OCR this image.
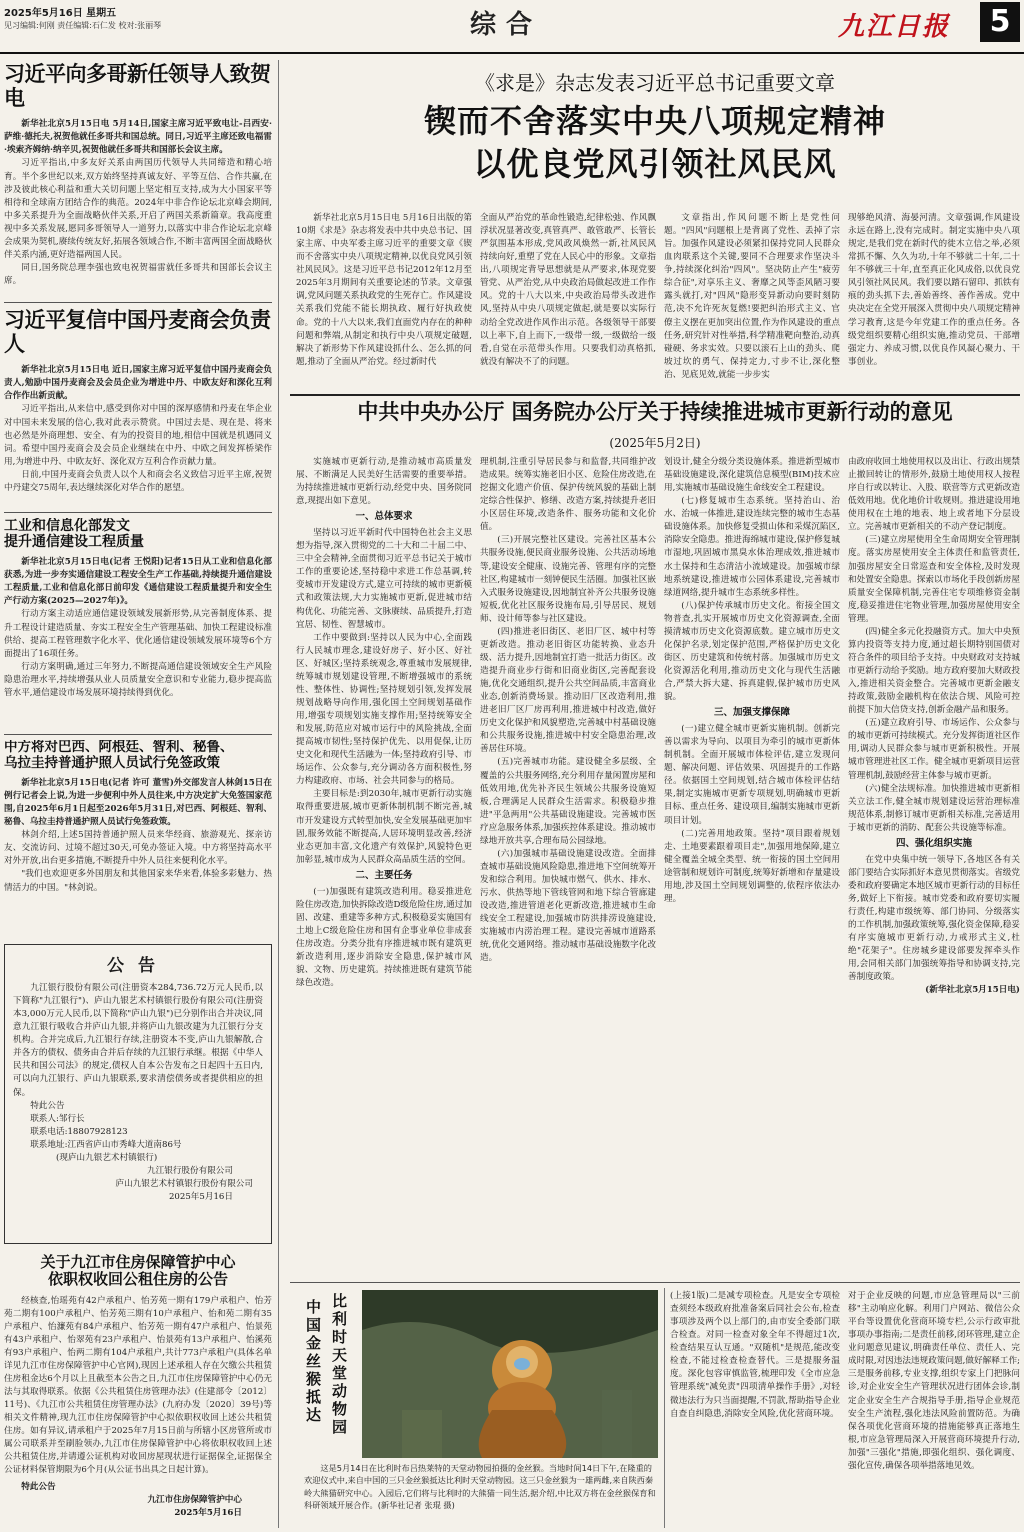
2025年5月16日 星期五
见习编辑:何刚 责任编辑:石仁发 校对:张丽琴	综合	九江日报	5
习近平向多哥新任领导人致贺电
新华社北京5月15日电 5月14日,国家主席习近平致电让-吕西安·萨维·德托夫,祝贺他就任多哥共和国总统。同日,习近平主席还致电福雷·埃索齐姆纳·纳辛贝,祝贺他就任多哥共和国部长会议主席。
习近平指出,中多友好关系由两国历代领导人共同缔造和精心培育。半个多世纪以来,双方始终坚持真诚友好、平等互信、合作共赢,在涉及彼此核心利益和重大关切问题上坚定相互支持,成为大小国家平等相待和全球南方团结合作的典范。2024年中非合作论坛北京峰会期间,中多关系提升为全面战略伙伴关系,开启了两国关系新篇章。我高度重视中多关系发展,愿同多哥领导人一道努力,以落实中非合作论坛北京峰会成果为契机,赓续传统友好,拓展各领域合作,不断丰富两国全面战略伙伴关系内涵,更好造福两国人民。
同日,国务院总理李强也致电祝贺福雷就任多哥共和国部长会议主席。
习近平复信中国丹麦商会负责人
新华社北京5月15日电 近日,国家主席习近平复信中国丹麦商会负责人,勉励中国丹麦商会及会员企业为增进中丹、中欧友好和深化互利合作作出新贡献。
习近平指出,从来信中,感受到你对中国的深厚感情和丹麦在华企业对中国未来发展的信心,我对此表示赞赏。中国过去是、现在是、将来也必然是外商理想、安全、有为的投资目的地,相信中国就是机遇同义词。希望中国丹麦商会及会员企业继续在中丹、中欧之间发挥桥梁作用,为增进中丹、中欧友好、深化双方互利合作贡献力量。
日前,中国丹麦商会负责人以个人和商会名义致信习近平主席,祝贺中丹建交75周年,表达继续深化对华合作的愿望。
工业和信息化部发文
提升通信建设工程质量
新华社北京5月15日电(记者 王悦阳)记者15日从工业和信息化部获悉,为进一步夯实通信建设工程安全生产工作基础,持续提升通信建设工程质量,工业和信息化部日前印发《通信建设工程质量提升和安全生产行动方案(2025—2027年)》。
行动方案主动适应通信建设领域发展新形势,从完善制度体系、提升工程设计建造质量、夯实工程安全生产管理基础、加快工程建设标准供给、提高工程管理数字化水平、优化通信建设领域发展环境等6个方面提出了16项任务。
行动方案明确,通过三年努力,不断提高通信建设领域安全生产风险隐患治理水平,持续增强从业人员质量安全意识和专业能力,稳步提高监管水平,通信建设市场发展环境持续得到优化。
中方将对巴西、阿根廷、智利、秘鲁、
乌拉圭持普通护照人员试行免签政策
新华社北京5月15日电(记者 许可 董雪)外交部发言人林剑15日在例行记者会上说,为进一步便利中外人员往来,中方决定扩大免签国家范围,自2025年6月1日起至2026年5月31日,对巴西、阿根廷、智利、秘鲁、乌拉圭持普通护照人员试行免签政策。
林剑介绍,上述5国持普通护照人员来华经商、旅游观光、探亲访友、交流访问、过境不超过30天,可免办签证入境。中方将坚持高水平对外开放,出台更多措施,不断提升中外人员往来便利化水平。
"我们也欢迎更多外国朋友和其他国家来华来看,体验多彩魅力、热情活力的中国。"林剑说。
公告
九江银行股份有限公司(注册资本284,736.72万元人民币,以下简称"九江银行")、庐山九银艺术村镇银行股份有限公司(注册资本3,000万元人民币,以下简称"庐山九银")已分别作出合并决议,同意九江银行吸收合并庐山九银,并将庐山九银改建为九江银行分支机构。合并完成后,九江银行存续,注册资本不变,庐山九银解散,合并各方的债权、债务由合并后存续的九江银行承继。根据《中华人民共和国公司法》的规定,债权人自本公告发布之日起四十五日内,可以向九江银行、庐山九银联系,要求清偿债务或者提供相应的担保。
特此公告
联系人:邹行长
联系电话:18807928123
联系地址:江西省庐山市秀峰大道南86号
(现庐山九银艺术村镇银行)
九江银行股份有限公司
庐山九银艺术村镇银行股份有限公司
2025年5月16日
关于九江市住房保障管护中心
依职权收回公租住房的公告
经核查,怡瑶苑有42户承租户、怡芳苑一期有179户承租户、怡芳苑二期有100户承租户、怡芳苑三期有10户承租户、怡和苑二期有35户承租户、怡濂苑有84户承租户、怡芳苑一期有47户承租户、怡景苑有43户承租户、怡翠苑有23户承租户、怡景苑有13户承租户、怡溪苑有93户承租户、怡两二期有104户承租户,共计773户承租户(具体名单详见九江市住房保障管护中心官网),现因上述承租人存在欠缴公共租赁住房租金达6个月以上且截至本公告之日,九江市住房保障管护中心仍无法与其取得联系。依据《公共租赁住房管理办法》(住建部令〔2012〕11号)、《九江市公共租赁住房管理办法》(九府办发〔2020〕39号)等相关文件精神,现九江市住房保障管护中心拟依职权收回上述公共租赁住房。如有异议,请承租户于2025年7月15日前与所辖小区房管所或市属公司联系并至刷脸领办,九江市住房保障管护中心将依职权收回上述公共租赁住房,并请遵公证机构对收回房屋现状进行证据保全,证据保全公证材料保管期限为6个月(从公证书出具之日起计算)。
特此公告
九江市住房保障管护中心
2025年5月16日
《求是》杂志发表习近平总书记重要文章
锲而不舍落实中央八项规定精神
以优良党风引领社风民风
新华社北京5月15日电 5月16日出版的第10期《求是》杂志将发表中共中央总书记、国家主席、中央军委主席习近平的重要文章《锲而不舍落实中央八项规定精神,以优良党风引领社风民风》。这是习近平总书记2012年12月至2025年3月期间有关重要论述的节录。文章强调,党风问题关系执政党的生死存亡。作风建设关系我们党能不能长期执政、履行好执政使命。党的十八大以来,我们直面党内存在的种种问题和弊端,从制定和执行中央八项规定破题,解决了新形势下作风建设抓什么、怎么抓的问题,推动了全面从严治党。经过新时代
全面从严治党的革命性锻造,纪律松弛、作风飘浮状况显著改变,真管真严、敢管敢严、长管长严氛围基本形成,党风政风焕然一新,社风民风持续向好,重塑了党在人民心中的形象。文章指出,八项规定背导思想就是从严要求,体现党要管党、从严治党,从中央政治局做起改进工作作风。党的十八大以来,中央政治局带头改进作风,坚持从中央八项规定做起,就是要以实际行动给全党改进作风作出示范。各级领导干部要以上率下,自上而下,一级带一级,一级做给一级看,自觉在示范带头作用。只要我们动真格抓,就没有解决不了的问题。
文章指出,作风问题不断上是党性问题。"四风"问题根上是背离了党性、丢掉了宗旨。加强作风建设必须紧扣保持党同人民群众血肉联系这个关键,要同不合理要求作坚决斗争,持续深化纠治"四风"。坚决防止产生"疲劳综合征",对享乐主义、奢靡之风等歪风陋习要露头就打,对"四风"隐形变异新动向要时刻防范,决不允许死灰复燃!要把纠治形式主义、官僚主义摆在更加突出位置,作为作风建设的重点任务,研究针对性举措,科学精准靶向整治,动真碰硬、务求实效。只要以滚石上山的劲头、爬坡过坎的勇气、保持定力,寸步不让,深化整治、见底见效,就能一步步实
现够绝风清、海晏河清。文章强调,作风建设永远在路上,没有完成时。制定实施中央八项规定,是我们党在新时代的徙木立信之举,必须常抓不懈、久久为功,十年不够就二十年,二十年不够就三十年,直至真正化风成俗,以优良党风引领社风民风。我们要以踏石留印、抓铁有痕的劲头抓下去,善始善终、善作善成。党中央决定在全党开展深入贯彻中央八项规定精神学习教育,这是今年党建工作的重点任务。各级党组织要精心组织实施,推动党员、干部增强定力、养成习惯,以优良作风凝心聚力、干事创业。
中共中央办公厅 国务院办公厅关于持续推进城市更新行动的意见
(2025年5月2日)
实施城市更新行动,是推动城市高质量发展、不断满足人民美好生活需要的重要举措。为持续推进城市更新行动,经党中央、国务院同意,现提出如下意见。
一、总体要求
坚持以习近平新时代中国特色社会主义思想为指导,深入贯彻党的二十大和二十届二中、三中全会精神,全面贯彻习近平总书记关于城市工作的重要论述,坚持稳中求进工作总基调,转变城市开发建设方式,建立可持续的城市更新模式和政策法规,大力实施城市更新,促进城市结构优化、功能完善、文脉赓续、品质提升,打造宜居、韧性、智慧城市。
工作中要做到:坚持以人民为中心,全面践行人民城市理念,建设好房子、好小区、好社区、好城区;坚持系统观念,尊重城市发展规律,统筹城市规划建设管理,不断增强城市的系统性、整体性、协调性;坚持规划引领,发挥发展规划战略导向作用,强化国土空间规划基础作用,增强专项规划实施支撑作用;坚持统筹安全和发展,防范应对城市运行中的风险挑战,全面提高城市韧性;坚持保护优先、以用促保,让历史文化和现代生活融为一体;坚持政府引导、市场运作、公众参与,充分调动各方面积极性,努力构建政府、市场、社会共同参与的格局。
主要目标是:到2030年,城市更新行动实施取得重要进展,城市更新体制机制不断完善,城市开发建设方式转型加快,安全发展基础更加牢固,服务效能不断提高,人居环境明显改善,经济业态更加丰富,文化遗产有效保护,风貌特色更加彰显,城市成为人民群众高品质生活的空间。
二、主要任务
(一)加强既有建筑改造利用。稳妥推进危险住房改造,加快拆除改造D级危险住房,通过加固、改建、重建等多种方式,积极稳妥实施国有土地上C级危险住房和国有企事业单位非成套住房改造。分类分批有序推进城市既有建筑更新改造利用,逐步消除安全隐患,保护城市风貌、文物、历史建筑。持续推进既有建筑节能绿色改造。
理机制,注重引导居民参与和监督,共同维护改造成果。统筹实施老旧小区、危险住房改造,在挖掘文化遗产价值、保护传统风貌的基础上制定综合性保护、修缮、改造方案,持续提升老旧小区居住环境,改造条件、服务功能和文化价值。
(三)开展完整社区建设。完善社区基本公共服务设施,便民商业服务设施、公共活动场地等,建设安全健康、设施完善、管理有序的完整社区,构建城市一刻钟便民生活圈。加强社区嵌入式服务设施建设,因地制宜补齐公共服务设施短板,优化社区服务设施布局,引导居民、规划师、设计师等参与社区建设。
(四)推进老旧街区、老旧厂区、城中村等更新改造。推动老旧街区功能转换、业态升级、活力提升,因地制宜打造一批活力街区。改造提升商业步行街和旧商业街区,完善配套设施,优化交通组织,提升公共空间品质,丰富商业业态,创新消费场景。推动旧厂区改造利用,推进老旧厂区厂房再利用,推进城中村改造,做好历史文化保护和风貌塑造,完善城中村基础设施和公共服务设施,推进城中村安全隐患治理,改善居住环境。
(五)完善城市功能。建设健全多层级、全覆盖的公共服务网络,充分利用存量闲置房屋和低效用地,优先补齐民生领域公共服务设施短板,合理满足人民群众生活需求。积极稳步推进"平急两用"公共基础设施建设。完善城市医疗应急服务体系,加强疾控体系建设。推动城市绿地开放共享,合理布局公园绿地。
(六)加强城市基础设施建设改造。全面排查城市基础设施风险隐患,推进地下空间统筹开发和综合利用。加快城市燃气、供水、排水、污水、供热等地下管线管网和地下综合管廊建设改造,推进管道老化更新改造,推进城市生命线安全工程建设,加强城市防洪排涝设施建设,实施城市内涝治理工程。建设完善城市道路系统,优化交通网络。推动城市基础设施数字化改造。
划设计,健全分级分类设施体系。推进新型城市基础设施建设,深化建筑信息模型(BIM)技术应用,实施城市基础设施生命线安全工程建设。
(七)修复城市生态系统。坚持治山、治水、治城一体推进,建设连续完整的城市生态基础设施体系。加快修复受损山体和采煤沉陷区,消除安全隐患。推进海绵城市建设,保护修复城市湿地,巩固城市黑臭水体治理成效,推进城市水土保持和生态清洁小流域建设。加强城市绿地系统建设,推进城市公园体系建设,完善城市绿道网络,提升城市生态系统多样性。
(八)保护传承城市历史文化。衔接全国文物普查,扎实开展城市历史文化资源调查,全面摸清城市历史文化资源底数。建立城市历史文化保护名录,划定保护范围,严格保护历史文化街区、历史建筑和传统村落。加强城市历史文化资源活化利用,推动历史文化与现代生活融合,严禁大拆大建、拆真建假,保护城市历史风貌。
三、加强支撑保障
(一)建立健全城市更新实施机制。创新完善以需求为导向、以项目为牵引的城市更新体制机制。全面开展城市体检评估,建立发现问题、解决问题、评估效果、巩固提升的工作路径。依据国土空间规划,结合城市体检评估结果,制定实施城市更新专项规划,明确城市更新目标、重点任务、建设项目,编制实施城市更新项目计划。
(二)完善用地政策。坚持"项目跟着规划走、土地要素跟着项目走",加强用地保障,建立健全覆盖全城全类型、统一衔接的国土空间用途管制和规划许可制度,统筹好新增和存量建设用地,涉及国土空间规划调整的,依程序依法办理。
由政府收回土地使用权以及出让、行政出规禁止撤回转让的情形外,鼓励土地使用权人按程序自行或以转让、入股、联营等方式更新改造低效用地。优化地价计收规则。推进建设用地使用权在土地的地表、地上或者地下分层设立。完善城市更新相关的不动产登记制度。
(三)建立房屋使用全生命周期安全管理制度。落实房屋使用安全主体责任和监管责任,加强房屋安全日常巡查和安全体检,及时发现和处置安全隐患。探索以市场化手段创新房屋质量安全保障机制,完善住宅专项维修资金制度,稳妥推进住宅物业管理,加强房屋使用安全管理。
(四)健全多元化投融资方式。加大中央预算内投资等支持力度,通过超长期特别国债对符合条件的项目给予支持。中央财政对支持城市更新行动给予奖励。地方政府要加大财政投入,推进相关资金整合。完善城市更新金融支持政策,鼓励金融机构在依法合规、风险可控前提下加大信贷支持,创新金融产品和服务。
(五)建立政府引导、市场运作、公众参与的城市更新可持续模式。充分发挥街道社区作用,调动人民群众参与城市更新积极性。开展城市管理进社区工作。健全城市更新项目运营管理机制,鼓励经营主体参与城市更新。
(六)健全法规标准。加快推进城市更新相关立法工作,健全城市规划建设运营治理标准规范体系,制修订城市更新相关标准,完善适用于城市更新的消防、配套公共设施等标准。
四、强化组织实施
在党中央集中统一领导下,各地区各有关部门要结合实际抓好本意见贯彻落实。省级党委和政府要确定本地区城市更新行动的目标任务,做好上下衔接。城市党委和政府要切实履行责任,构建市级统筹、部门协同、分级落实的工作机制,加强政策统筹,强化资金保障,稳妥有序实施城市更新行动,力戒形式主义,杜绝"花架子"。住房城乡建设部要发挥牵头作用,会同相关部门加强统筹指导和协调支持,完善制度政策。
(新华社北京5月15日电)
中国金丝猴抵达
比利时天堂动物园
这是5月14日在比利时布吕热莱特的天堂动物园拍摄的金丝猴。当地时间14日下午,在隆重的欢迎仪式中,来自中国的三只金丝猴抵达比利时天堂动物园。这三只金丝猴为一雄两雌,来自陕西秦岭大熊猫研究中心。入园后,它们将与比利时的大熊猫一同生活,据介绍,中比双方将在金丝猴保育和科研领域开展合作。(新华社记者 张琨 摄)
(上接1版)二是减专项检查。凡是安全专项检查须经本级政府批准备案后同社会公布,检查事项涉及两个以上部门的,由市安全委部门联合检查。对同一检查对象全年不得超过1次,检查结果互认互通。"双随机"是规范,能改变检查,不能过检查检查替代。三是提服务温度。深化包容审慎监管,梳理印发《全市应急管理系统"减免责"四项清单操作手册》,对轻微违法行为只当面提醒,不罚款,帮助指导企业自查自纠隐患,消除安全风险,优化营商环境。
对于企业反映的问题,市应急管理局以"三前移"主动响应化解。利用门户网站、微信公众平台等设置优化营商环境专栏,公示行政审批事项办事指南;二是责任前移,闭环管理,建立企业问题意见建议,明确责任单位、责任人、完成时限,对因违法违规政策问题,做好解释工作;三是服务前移,专业支撑,组织专家上门把脉问诊,对企业安全生产管理状况进行团体会诊,制定企业安全生产合规指导手册,指导企业规范安全生产流程,强化违法风险前置防范。为确保各项优化营商环境的措施能够真正落地生根,市应急管理局深入开展营商环境提升行动,加强"三强化"措施,即强化组织、强化调度、强化宣传,确保各项举措落地见效。
